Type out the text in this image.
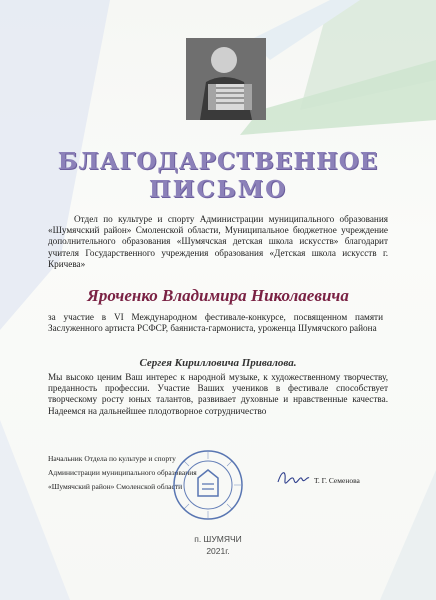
БЛАГОДАРСТВЕННОЕ
ПИСЬМО
Отдел по культуре и спорту Администрации муниципального образования «Шумячский район» Смоленской области, Муниципальное бюджетное учреждение дополнительного образования «Шумячская детская школа искусств» благодарит учителя Государственного учреждения образования «Детская школа искусств г. Кричева»
Яроченко Владимира Николаевича
за участие в VI Международном фестивале-конкурсе, посвященном памяти Заслуженного артиста РСФСР, баяниста-гармониста, уроженца Шумячского района
Сергея Кирилловича Привалова.
Мы высоко ценим Ваш интерес к народной музыке, к художественному творчеству, преданность профессии. Участие Ваших учеников в фестивале способствует творческому росту юных талантов, развивает духовные и нравственные качества. Надеемся на дальнейшее плодотворное сотрудничество
Начальник Отдела по культуре и спорту
Администрации муниципального образования
«Шумячский район» Смоленской области
Т. Г. Семенова
п. ШУМЯЧИ
2021г.
